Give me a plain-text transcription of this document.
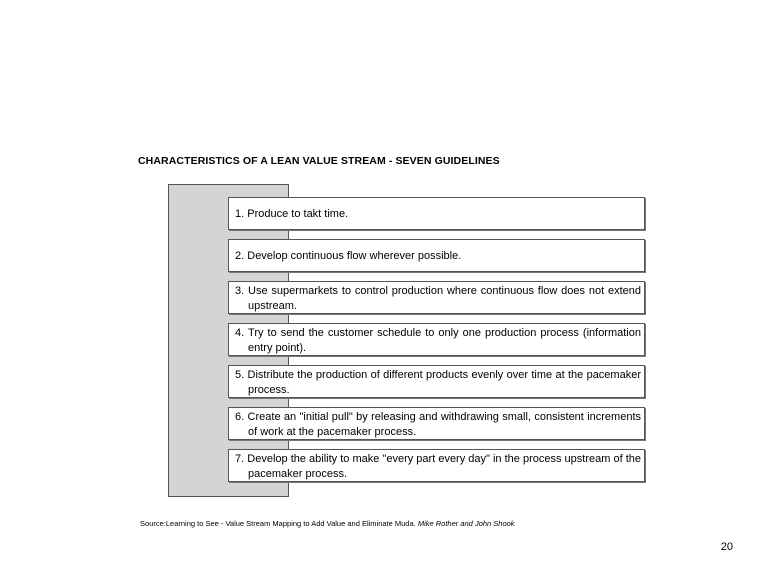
CHARACTERISTICS OF A LEAN VALUE STREAM - SEVEN GUIDELINES
1. Produce to takt time.
2. Develop continuous flow wherever possible.
3. Use supermarkets to control production where continuous flow does not extend upstream.
4. Try to send the customer schedule to only one production process (information entry point).
5. Distribute the production of different products evenly over time at the pacemaker process.
6. Create an "initial pull" by releasing and withdrawing small, consistent increments of work at the pacemaker process.
7. Develop the ability to make "every part every day" in the process upstream of the pacemaker process.
Source:Learning to See - Value Stream Mapping to Add Value and Eliminate Muda. Mike Rother and John Shook
20
